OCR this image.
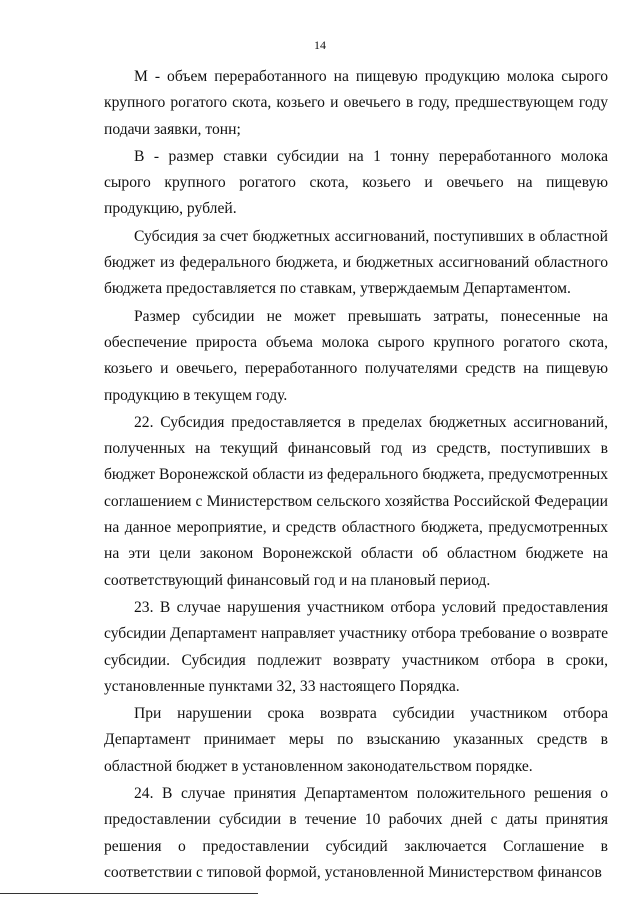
14

М - объем переработанного на пищевую продукцию молока сырого крупного рогатого скота, козьего и овечьего в году, предшествующем году подачи заявки, тонн;

В - размер ставки субсидии на 1 тонну переработанного молока сырого крупного рогатого скота, козьего и овечьего на пищевую продукцию, рублей.

Субсидия за счет бюджетных ассигнований, поступивших в областной бюджет из федерального бюджета, и бюджетных ассигнований областного бюджета предоставляется по ставкам, утверждаемым Департаментом.

Размер субсидии не может превышать затраты, понесенные на обеспечение прироста объема молока сырого крупного рогатого скота, козьего и овечьего, переработанного получателями средств на пищевую продукцию в текущем году.

22. Субсидия предоставляется в пределах бюджетных ассигнований, полученных на текущий финансовый год из средств, поступивших в бюджет Воронежской области из федерального бюджета, предусмотренных соглашением с Министерством сельского хозяйства Российской Федерации на данное мероприятие, и средств областного бюджета, предусмотренных на эти цели законом Воронежской области об областном бюджете на соответствующий финансовый год и на плановый период.

23. В случае нарушения участником отбора условий предоставления субсидии Департамент направляет участнику отбора требование о возврате субсидии. Субсидия подлежит возврату участником отбора в сроки, установленные пунктами 32, 33 настоящего Порядка.

При нарушении срока возврата субсидии участником отбора Департамент принимает меры по взысканию указанных средств в областной бюджет в установленном законодательством порядке.

24. В случае принятия Департаментом положительного решения о предоставлении субсидии в течение 10 рабочих дней с даты принятия решения о предоставлении субсидий заключается Соглашение в соответствии с типовой формой, установленной Министерством финансов
